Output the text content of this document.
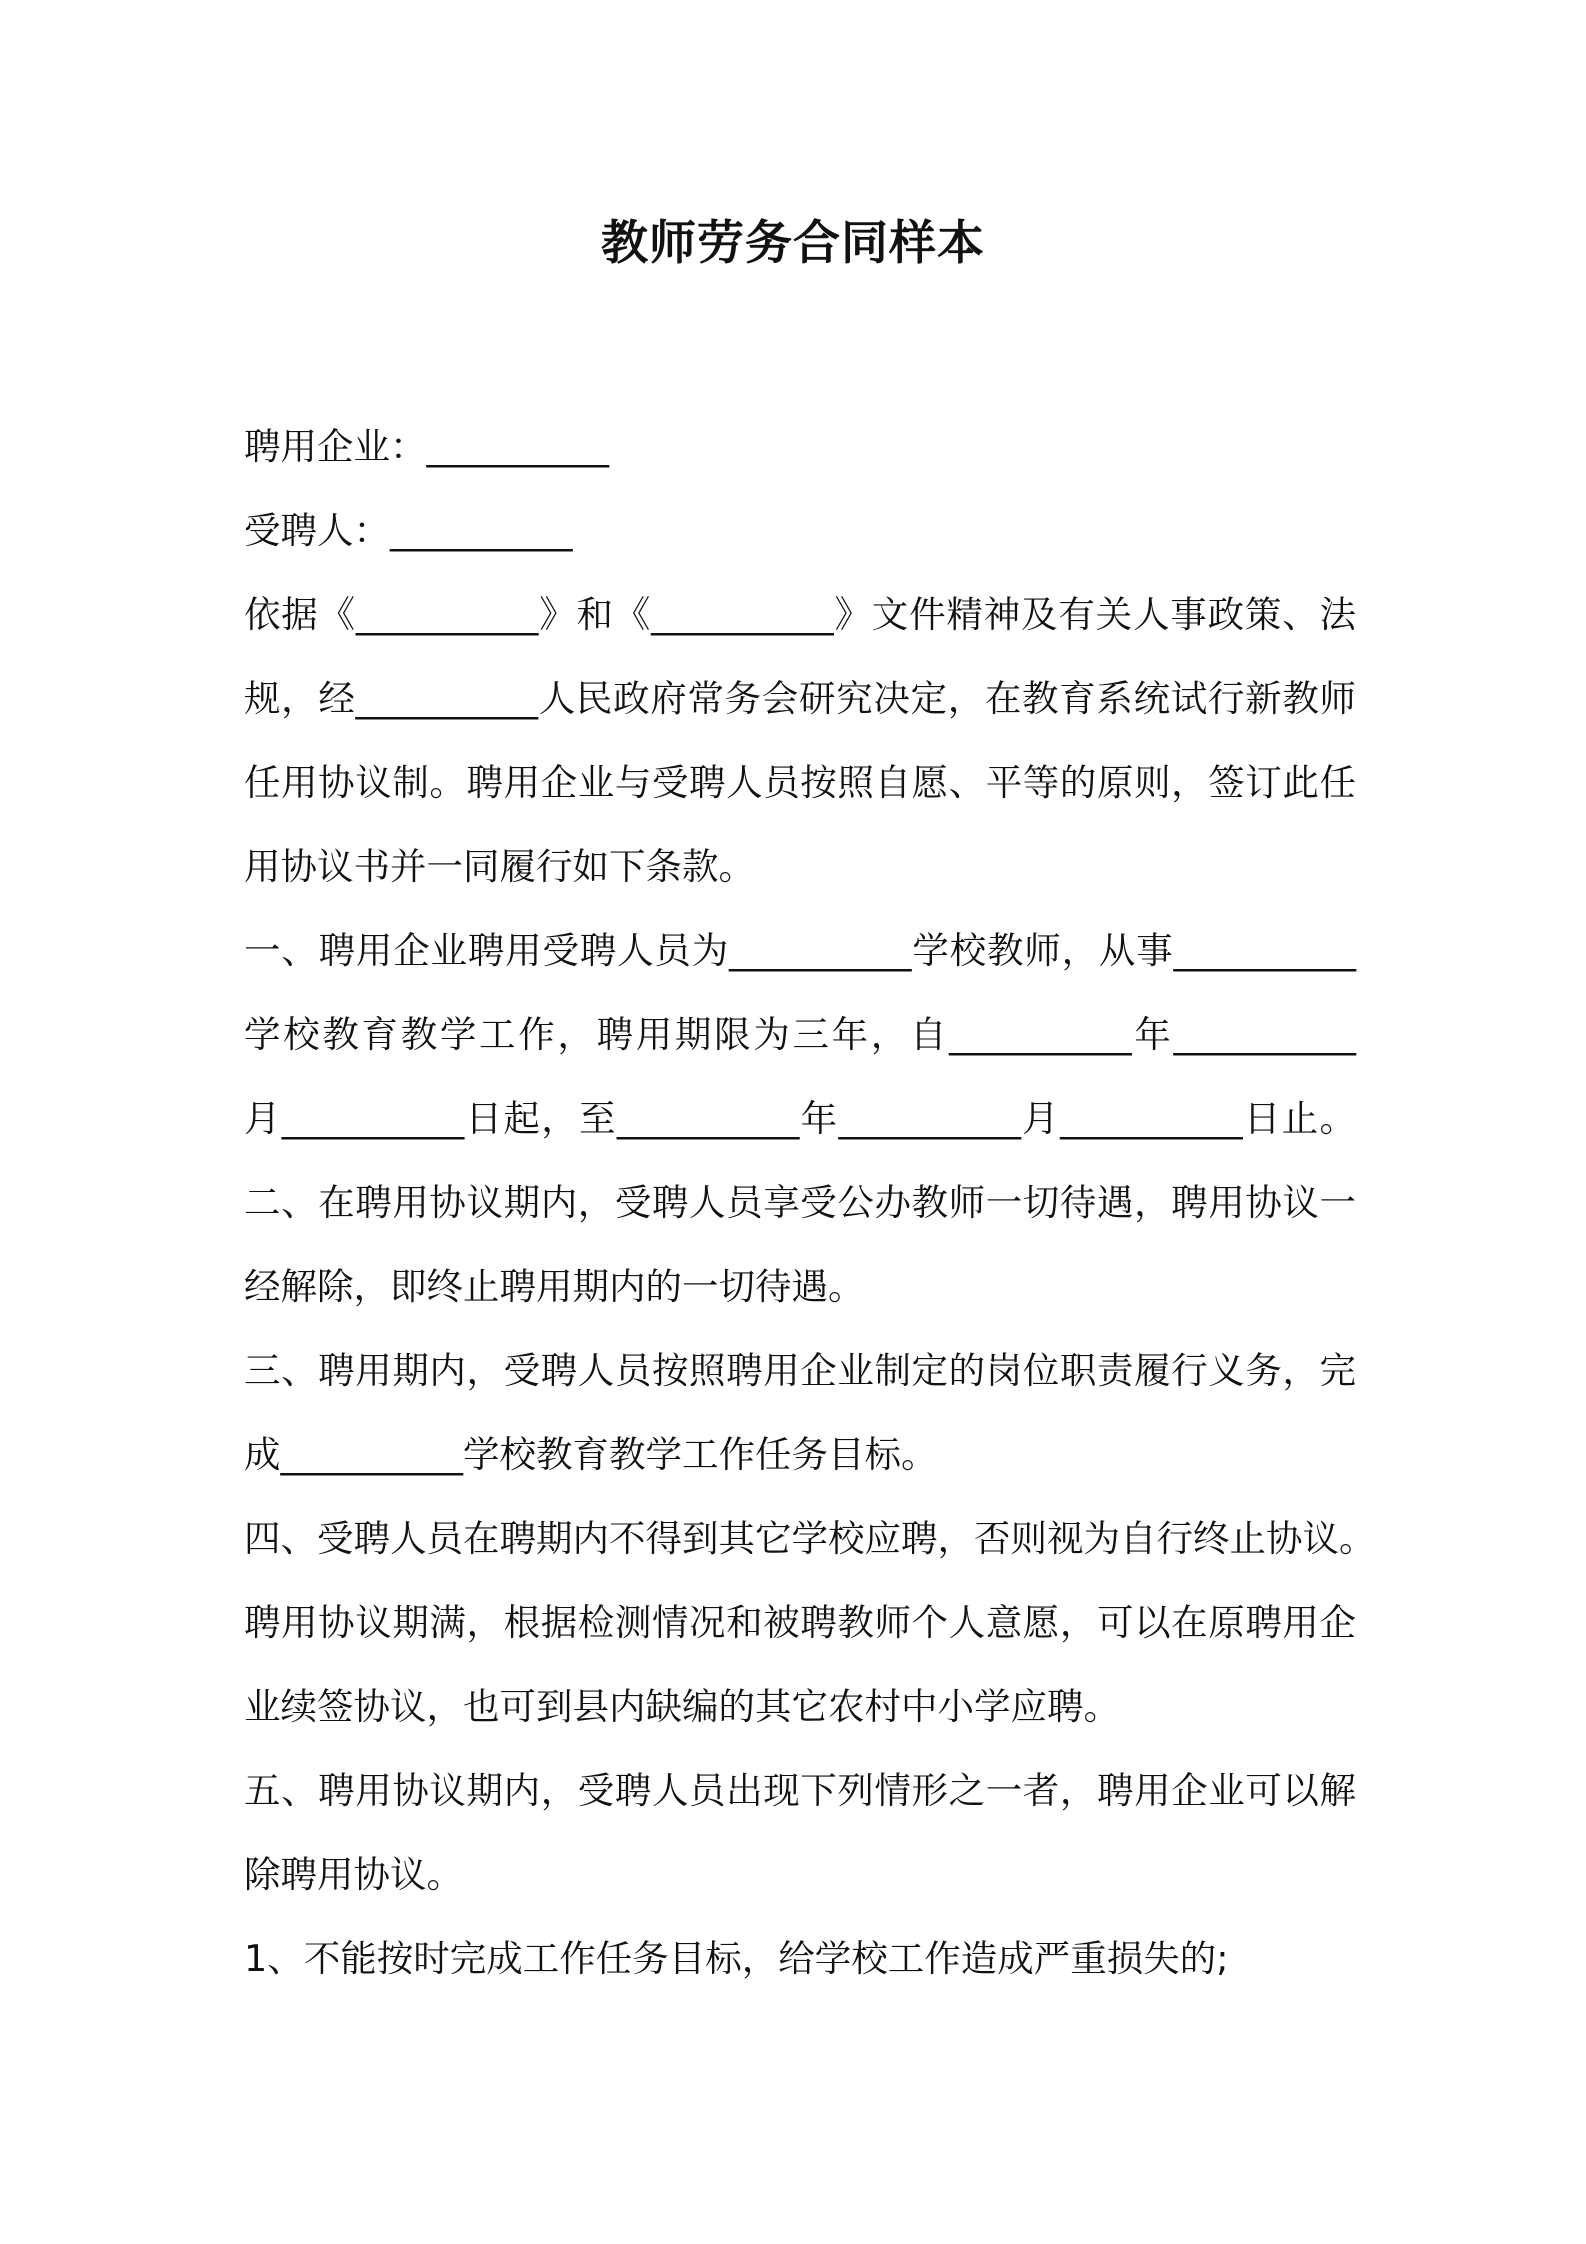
教师劳务合同样本
聘用企业：__________
受聘人：__________
依据《__________》和《__________》文件精神及有关人事政策、法
规，经__________人民政府常务会研究决定，在教育系统试行新教师
任用协议制。聘用企业与受聘人员按照自愿、平等的原则，签订此任
用协议书并一同履行如下条款。
一、聘用企业聘用受聘人员为__________学校教师，从事__________
学校教育教学工作，聘用期限为三年，自__________年__________
月__________日起，至__________年__________月__________日止。
二、在聘用协议期内，受聘人员享受公办教师一切待遇，聘用协议一
经解除，即终止聘用期内的一切待遇。
三、聘用期内，受聘人员按照聘用企业制定的岗位职责履行义务，完
成__________学校教育教学工作任务目标。
四、受聘人员在聘期内不得到其它学校应聘，否则视为自行终止协议。
聘用协议期满，根据检测情况和被聘教师个人意愿，可以在原聘用企
业续签协议，也可到县内缺编的其它农村中小学应聘。
五、聘用协议期内，受聘人员出现下列情形之一者，聘用企业可以解
除聘用协议。
1、不能按时完成工作任务目标，给学校工作造成严重损失的;
